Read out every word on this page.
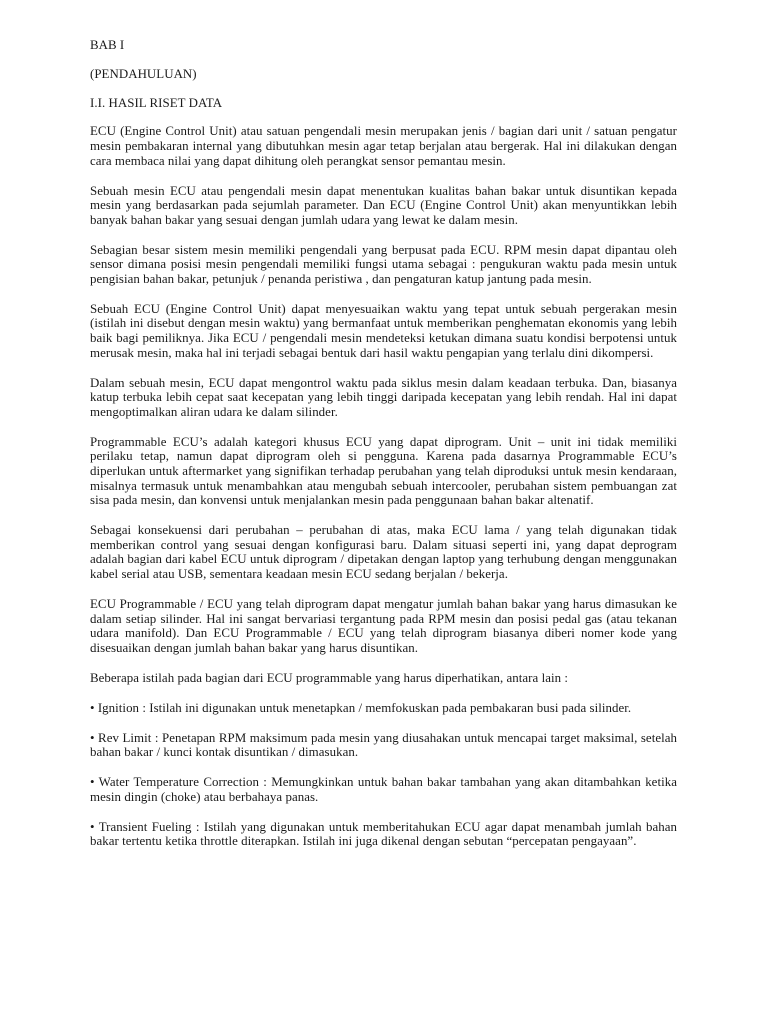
BAB I
(PENDAHULUAN)
I.I. HASIL RISET DATA

ECU (Engine Control Unit) atau satuan pengendali mesin merupakan jenis / bagian dari unit / satuan pengatur mesin pembakaran internal yang dibutuhkan mesin agar tetap berjalan atau bergerak. Hal ini dilakukan dengan cara membaca nilai yang dapat dihitung oleh perangkat sensor pemantau mesin.

Sebuah mesin ECU atau pengendali mesin dapat menentukan kualitas bahan bakar untuk disuntikan kepada mesin yang berdasarkan pada sejumlah parameter. Dan ECU (Engine Control Unit) akan menyuntikkan lebih banyak bahan bakar yang sesuai dengan jumlah udara yang lewat ke dalam mesin.

Sebagian besar sistem mesin memiliki pengendali yang berpusat pada ECU. RPM mesin dapat dipantau oleh sensor dimana posisi mesin pengendali memiliki fungsi utama sebagai : pengukuran waktu pada mesin untuk pengisian bahan bakar, petunjuk / penanda peristiwa , dan pengaturan katup jantung pada mesin.

Sebuah ECU (Engine Control Unit) dapat menyesuaikan waktu yang tepat untuk sebuah pergerakan mesin (istilah ini disebut dengan mesin waktu) yang bermanfaat untuk memberikan penghematan ekonomis yang lebih baik bagi pemiliknya. Jika ECU / pengendali mesin mendeteksi ketukan dimana suatu kondisi berpotensi untuk merusak mesin, maka hal ini terjadi sebagai bentuk dari hasil waktu pengapian yang terlalu dini dikompersi.

Dalam sebuah mesin, ECU dapat mengontrol waktu pada siklus mesin dalam keadaan terbuka. Dan, biasanya katup terbuka lebih cepat saat kecepatan yang lebih tinggi daripada kecepatan yang lebih rendah. Hal ini dapat mengoptimalkan aliran udara ke dalam silinder.

Programmable ECU’s adalah kategori khusus ECU yang dapat diprogram. Unit – unit ini tidak memiliki perilaku tetap, namun dapat diprogram oleh si pengguna. Karena pada dasarnya Programmable ECU’s diperlukan untuk aftermarket yang signifikan terhadap perubahan yang telah diproduksi untuk mesin kendaraan, misalnya termasuk untuk menambahkan atau mengubah sebuah intercooler, perubahan sistem pembuangan zat sisa pada mesin, dan konvensi untuk menjalankan mesin pada penggunaan bahan bakar altenatif.

Sebagai konsekuensi dari perubahan – perubahan di atas, maka ECU lama / yang telah digunakan tidak memberikan control yang sesuai dengan konfigurasi baru. Dalam situasi seperti ini, yang dapat deprogram adalah bagian dari kabel ECU untuk diprogram / dipetakan dengan laptop yang terhubung dengan menggunakan kabel serial atau USB, sementara keadaan mesin ECU sedang berjalan / bekerja.

ECU Programmable / ECU yang telah diprogram dapat mengatur jumlah bahan bakar yang harus dimasukan ke dalam setiap silinder. Hal ini sangat bervariasi tergantung pada RPM mesin dan posisi pedal gas (atau tekanan udara manifold). Dan ECU Programmable / ECU yang telah diprogram biasanya diberi nomer kode yang disesuaikan dengan jumlah bahan bakar yang harus disuntikan.

Beberapa istilah pada bagian dari ECU programmable yang harus diperhatikan, antara lain :

• Ignition : Istilah ini digunakan untuk menetapkan / memfokuskan pada pembakaran busi pada silinder.

• Rev Limit : Penetapan RPM maksimum pada mesin yang diusahakan untuk mencapai target maksimal, setelah bahan bakar / kunci kontak disuntikan / dimasukan.

• Water Temperature Correction : Memungkinkan untuk bahan bakar tambahan yang akan ditambahkan ketika mesin dingin (choke) atau berbahaya panas.

• Transient Fueling : Istilah yang digunakan untuk memberitahukan ECU agar dapat menambah jumlah bahan bakar tertentu ketika throttle diterapkan. Istilah ini juga dikenal dengan sebutan “percepatan pengayaan”.
